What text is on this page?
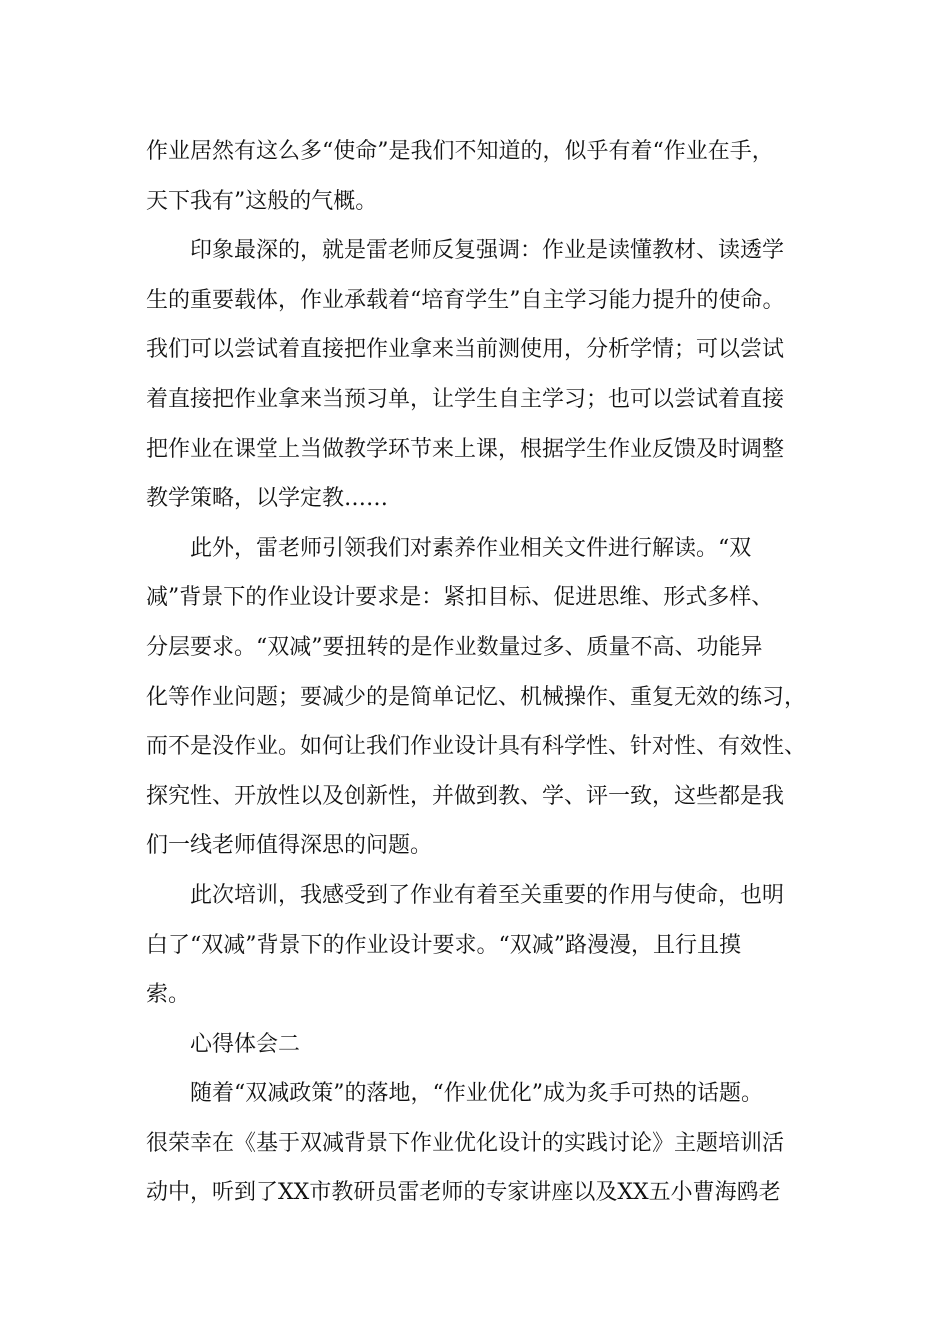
作业居然有这么多“使命”是我们不知道的，似乎有着“作业在手，
天下我有”这般的气概。
印象最深的，就是雷老师反复强调：作业是读懂教材、读透学
生的重要载体，作业承载着“培育学生”自主学习能力提升的使命。
我们可以尝试着直接把作业拿来当前测使用，分析学情；可以尝试
着直接把作业拿来当预习单，让学生自主学习；也可以尝试着直接
把作业在课堂上当做教学环节来上课，根据学生作业反馈及时调整
教学策略，以学定教……
此外，雷老师引领我们对素养作业相关文件进行解读。“双
减”背景下的作业设计要求是：紧扣目标、促进思维、形式多样、
分层要求。“双减”要扭转的是作业数量过多、质量不高、功能异
化等作业问题；要减少的是简单记忆、机械操作、重复无效的练习，
而不是没作业。如何让我们作业设计具有科学性、针对性、有效性、
探究性、开放性以及创新性，并做到教、学、评一致，这些都是我
们一线老师值得深思的问题。
此次培训，我感受到了作业有着至关重要的作用与使命，也明
白了“双减”背景下的作业设计要求。“双减”路漫漫，且行且摸
索。
心得体会二
随着“双减政策”的落地，“作业优化”成为炙手可热的话题。
很荣幸在《基于双减背景下作业优化设计的实践讨论》主题培训活
动中，听到了XX市教研员雷老师的专家讲座以及XX五小曹海鸥老
